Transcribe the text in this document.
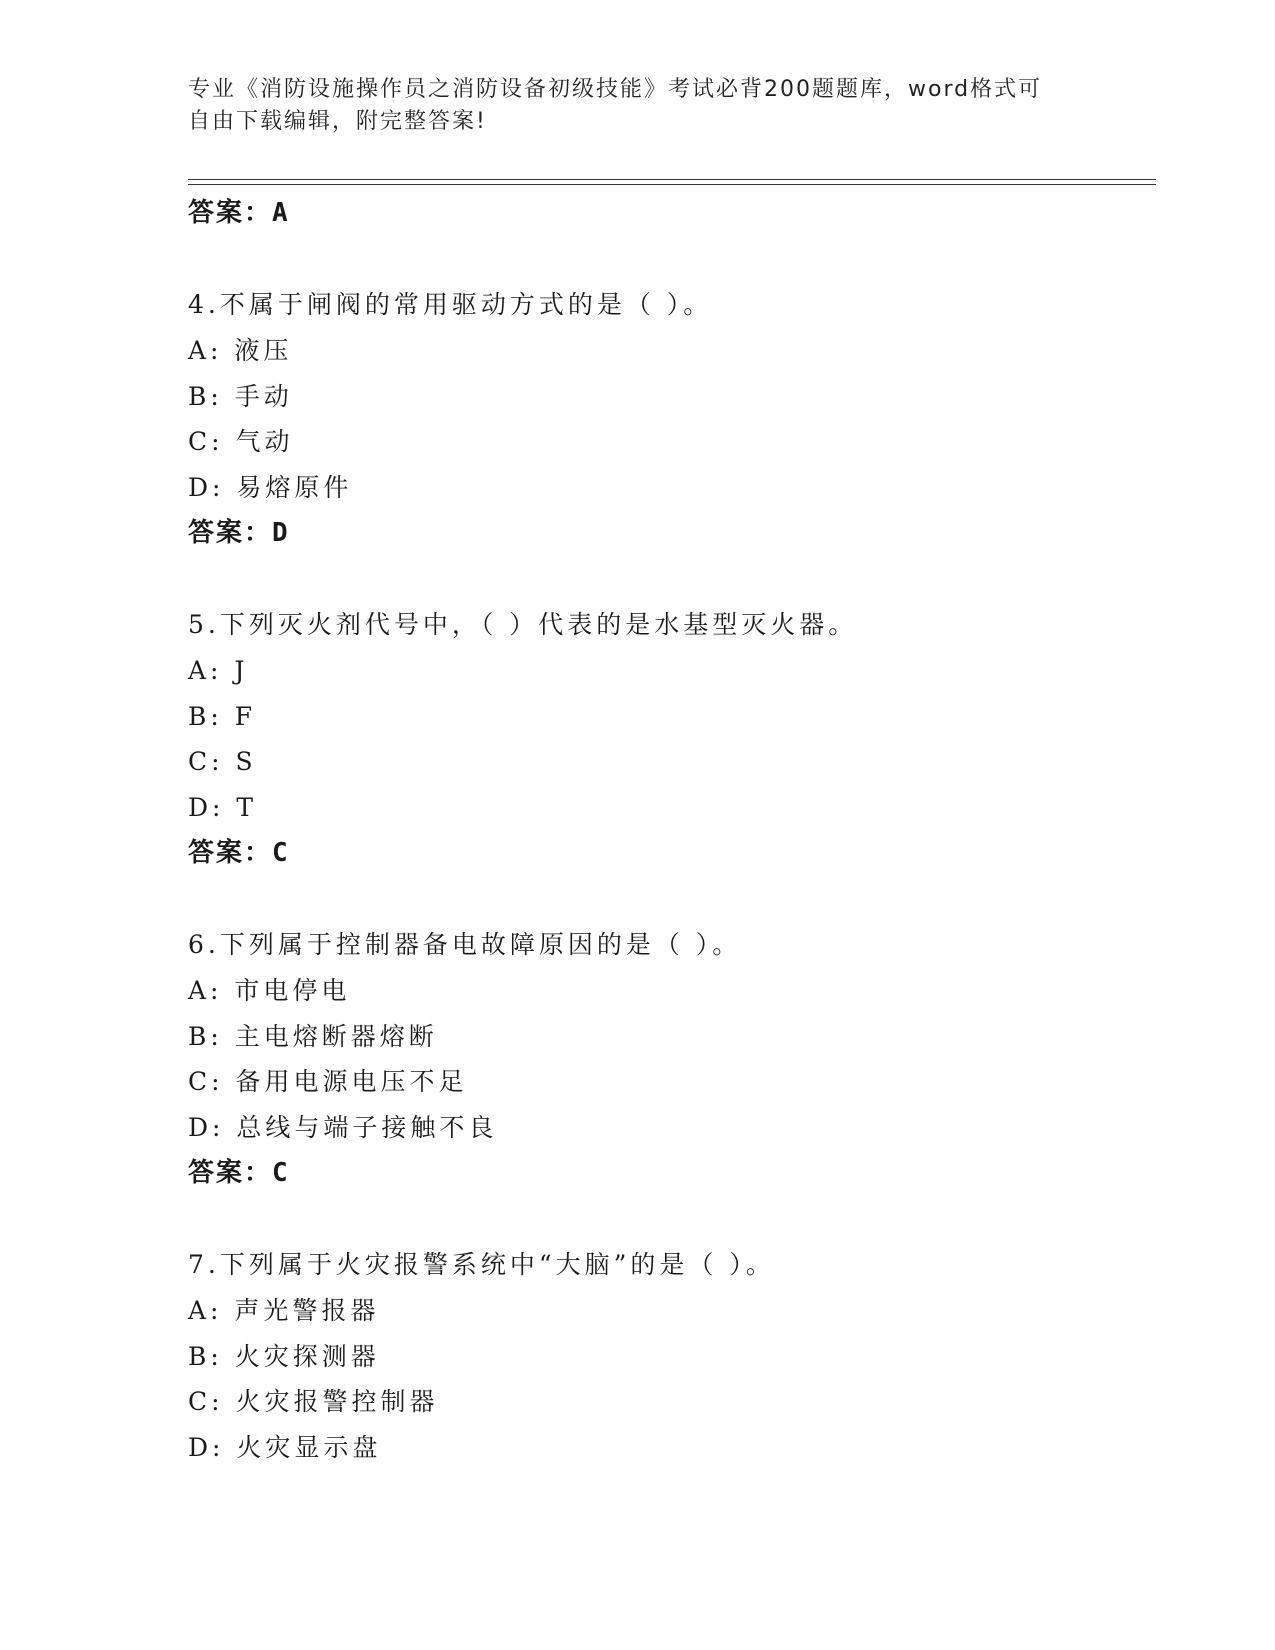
专业《消防设施操作员之消防设备初级技能》考试必背200题题库，word格式可
自由下载编辑，附完整答案!
答案：A
4.不属于闸阀的常用驱动方式的是（ ）。
A: 液压
B: 手动
C: 气动
D: 易熔原件
答案：D
5.下列灭火剂代号中，（ ）代表的是水基型灭火器。
A: J
B: F
C: S
D: T
答案：C
6.下列属于控制器备电故障原因的是（ ）。
A: 市电停电
B: 主电熔断器熔断
C: 备用电源电压不足
D: 总线与端子接触不良
答案：C
7.下列属于火灾报警系统中“大脑”的是（ ）。
A: 声光警报器
B: 火灾探测器
C: 火灾报警控制器
D: 火灾显示盘
